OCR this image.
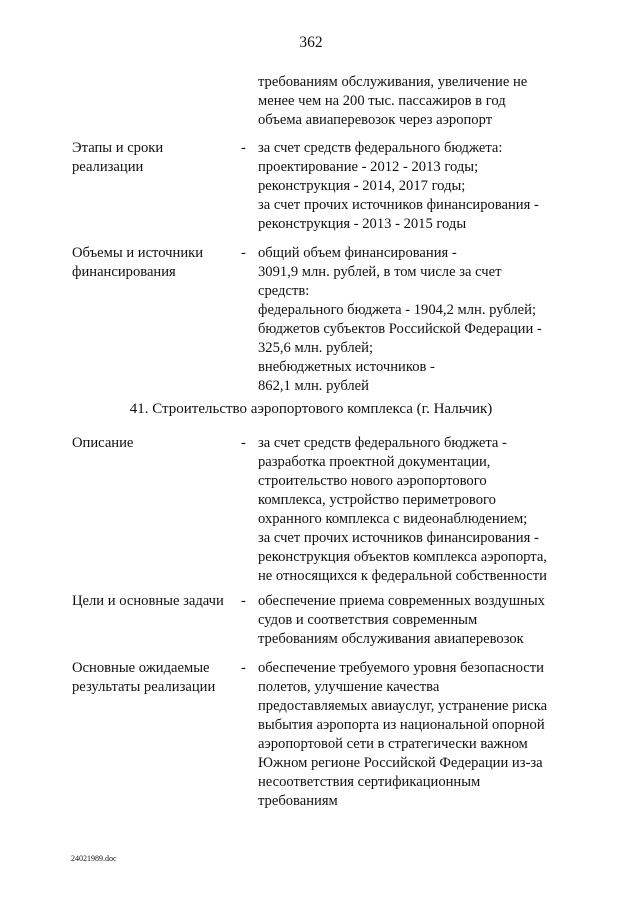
362
требованиям обслуживания, увеличение не
менее чем на 200 тыс. пассажиров в год
объема авиаперевозок через аэропорт
Этапы и сроки
реализации
- за счет средств федерального бюджета:
проектирование - 2012 - 2013 годы;
реконструкция - 2014, 2017 годы;
за счет прочих источников финансирования -
реконструкция - 2013 - 2015 годы
Объемы и источники
финансирования
- общий объем финансирования -
3091,9 млн. рублей, в том числе за счет
средств:
федерального бюджета - 1904,2 млн. рублей;
бюджетов субъектов Российской Федерации -
325,6 млн. рублей;
внебюджетных источников -
862,1 млн. рублей
41. Строительство аэропортового комплекса (г. Нальчик)
Описание	- за счет средств федерального бюджета -
разработка проектной документации,
строительство нового аэропортового
комплекса, устройство периметрового
охранного комплекса с видеонаблюдением;
за счет прочих источников финансирования -
реконструкция объектов комплекса аэропорта,
не относящихся к федеральной собственности
Цели и основные задачи - обеспечение приема современных воздушных
судов и соответствия современным
требованиям обслуживания авиаперевозок
Основные ожидаемые
результаты реализации
- обеспечение требуемого уровня безопасности
полетов, улучшение качества
предоставляемых авиауслуг, устранение риска
выбытия аэропорта из национальной опорной
аэропортовой сети в стратегически важном
Южном регионе Российской Федерации из-за
несоответствия сертификационным
требованиям
24021989.doc
